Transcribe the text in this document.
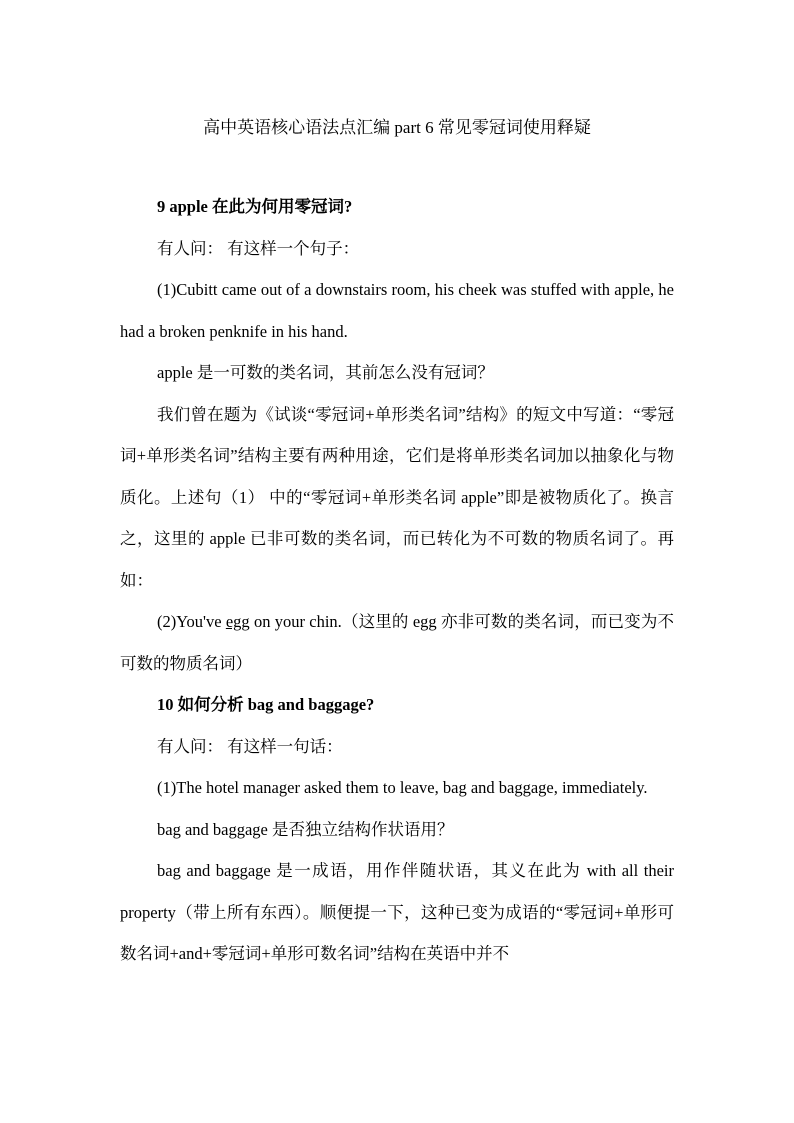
高中英语核心语法点汇编 part 6 常见零冠词使用释疑

9 apple 在此为何用零冠词?

有人问： 有这样一个句子：

(1)Cubitt came out of a downstairs room, his cheek was stuffed with apple, he had a broken penknife in his hand.

apple 是一可数的类名词，其前怎么没有冠词？

我们曾在题为《试谈“零冠词+单形类名词”结构》的短文中写道：“零冠词+单形类名词”结构主要有两种用途，它们是将单形类名词加以抽象化与物质化。上述句（1） 中的“零冠词+单形类名词 apple”即是被物质化了。换言之，这里的 apple 已非可数的类名词，而已转化为不可数的物质名词了。再如：

(2)You've egg on your chin.（这里的 egg 亦非可数的类名词，而已变为不可数的物质名词）

10 如何分析 bag and baggage?

有人问： 有这样一句话：

(1)The hotel manager asked them to leave, bag and baggage, immediately.

bag and baggage 是否独立结构作状语用？

bag and baggage 是一成语，用作伴随状语，其义在此为 with all their property（带上所有东西）。顺便提一下，这种已变为成语的“零冠词+单形可数名词+and+零冠词+单形可数名词”结构在英语中并不
